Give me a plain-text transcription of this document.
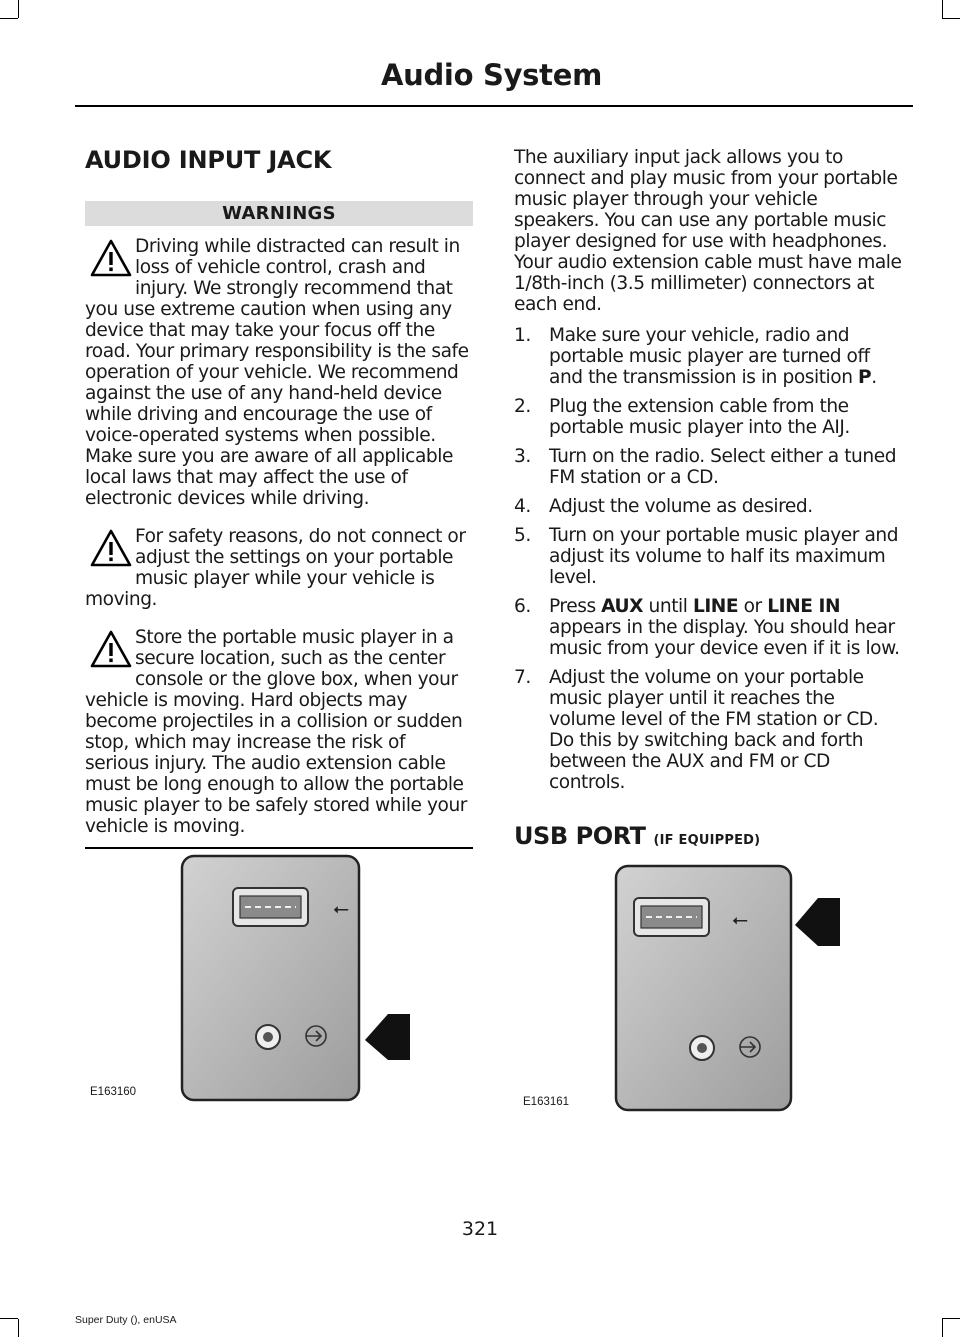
Audio System
AUDIO INPUT JACK
WARNINGS

Driving while distracted can result in loss of vehicle control, crash and injury. We strongly recommend that you use extreme caution when using any device that may take your focus off the road. Your primary responsibility is the safe operation of your vehicle. We recommend against the use of any hand-held device while driving and encourage the use of voice-operated systems when possible. Make sure you are aware of all applicable local laws that may affect the use of electronic devices while driving.

For safety reasons, do not connect or adjust the settings on your portable music player while your vehicle is moving.

Store the portable music player in a secure location, such as the center console or the glove box, when your vehicle is moving. Hard objects may become projectiles in a collision or sudden stop, which may increase the risk of serious injury. The audio extension cable must be long enough to allow the portable music player to be safely stored while your vehicle is moving.

The auxiliary input jack allows you to connect and play music from your portable music player through your vehicle speakers. You can use any portable music player designed for use with headphones. Your audio extension cable must have male 1/8th-inch (3.5 millimeter) connectors at each end.

1. Make sure your vehicle, radio and portable music player are turned off and the transmission is in position P.
2. Plug the extension cable from the portable music player into the AIJ.
3. Turn on the radio. Select either a tuned FM station or a CD.
4. Adjust the volume as desired.
5. Turn on your portable music player and adjust its volume to half its maximum level.
6. Press AUX until LINE or LINE IN appears in the display. You should hear music from your device even if it is low.
7. Adjust the volume on your portable music player until it reaches the volume level of the FM station or CD. Do this by switching back and forth between the AUX and FM or CD controls.
USB PORT (IF EQUIPPED)
⭠
E163160
⭠
E163161
321
Super Duty (), enUSA
